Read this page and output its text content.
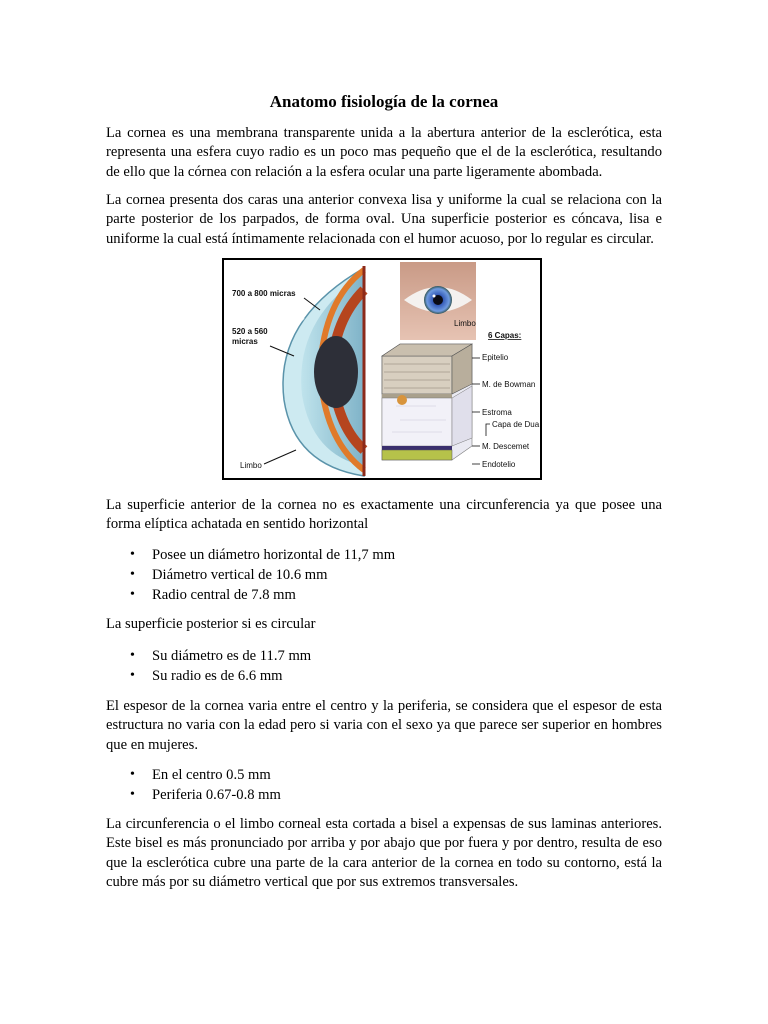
Anatomo fisiología de la cornea

La cornea es una membrana transparente unida a la abertura anterior de la esclerótica, esta representa una esfera cuyo radio es un poco mas pequeño que el de la esclerótica, resultando de ello que la córnea con relación a la esfera ocular una parte ligeramente abombada.

La cornea presenta dos caras una anterior convexa lisa y uniforme la cual se relaciona con la parte posterior de los parpados, de forma oval. Una superficie posterior es cóncava, lisa e uniforme la cual está íntimamente relacionada con el humor acuoso, por lo regular es circular.

700 a 800 micras
520 a 560
micras
Limbo
Limbo
6 Capas:
Epitelio
M. de Bowman
Estroma
Capa de Dua
M. Descemet
Endotelio

La superficie anterior de la cornea no es exactamente una circunferencia ya que posee una forma elíptica achatada en sentido horizontal

• Posee un diámetro horizontal de 11,7 mm
• Diámetro vertical de 10.6 mm
• Radio central de 7.8 mm

La superficie posterior si es circular

• Su diámetro es de 11.7 mm
• Su radio es de 6.6 mm

El espesor de la cornea varia entre el centro y la periferia, se considera que el espesor de esta estructura no varia con la edad pero si varia con el sexo ya que parece ser superior en hombres que en mujeres.

• En el centro 0.5 mm
• Periferia 0.67-0.8 mm

La circunferencia o el limbo corneal esta cortada a bisel a expensas de sus laminas anteriores. Este bisel es más pronunciado por arriba y por abajo que por fuera y por dentro, resulta de eso que la esclerótica cubre una parte de la cara anterior de la cornea en todo su contorno, está la cubre más por su diámetro vertical que por sus extremos transversales.
